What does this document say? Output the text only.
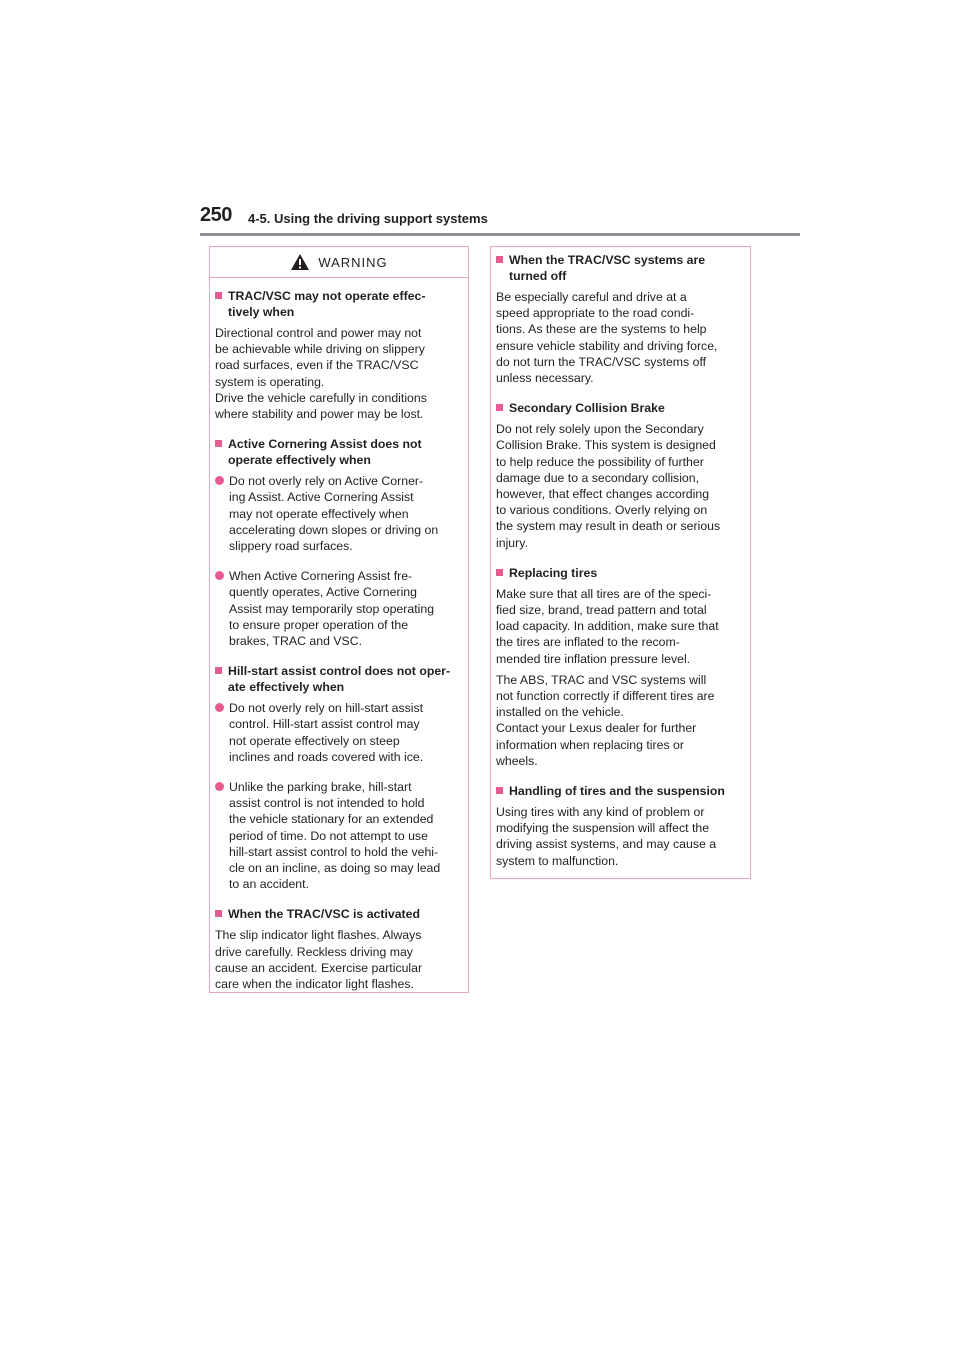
250 4-5. Using the driving support systems
WARNING
TRAC/VSC may not operate effec-
tively when

Directional control and power may not
be achievable while driving on slippery
road surfaces, even if the TRAC/VSC
system is operating.
Drive the vehicle carefully in conditions
where stability and power may be lost.

Active Cornering Assist does not
operate effectively when

Do not overly rely on Active Corner-
ing Assist. Active Cornering Assist
may not operate effectively when
accelerating down slopes or driving on
slippery road surfaces.

When Active Cornering Assist fre-
quently operates, Active Cornering
Assist may temporarily stop operating
to ensure proper operation of the
brakes, TRAC and VSC.

Hill-start assist control does not oper-
ate effectively when

Do not overly rely on hill-start assist
control. Hill-start assist control may
not operate effectively on steep
inclines and roads covered with ice.

Unlike the parking brake, hill-start
assist control is not intended to hold
the vehicle stationary for an extended
period of time. Do not attempt to use
hill-start assist control to hold the vehi-
cle on an incline, as doing so may lead
to an accident.

When the TRAC/VSC is activated

The slip indicator light flashes. Always
drive carefully. Reckless driving may
cause an accident. Exercise particular
care when the indicator light flashes.

When the TRAC/VSC systems are
turned off

Be especially careful and drive at a
speed appropriate to the road condi-
tions. As these are the systems to help
ensure vehicle stability and driving force,
do not turn the TRAC/VSC systems off
unless necessary.

Secondary Collision Brake

Do not rely solely upon the Secondary
Collision Brake. This system is designed
to help reduce the possibility of further
damage due to a secondary collision,
however, that effect changes according
to various conditions. Overly relying on
the system may result in death or serious
injury.

Replacing tires

Make sure that all tires are of the speci-
fied size, brand, tread pattern and total
load capacity. In addition, make sure that
the tires are inflated to the recom-
mended tire inflation pressure level.

The ABS, TRAC and VSC systems will
not function correctly if different tires are
installed on the vehicle.
Contact your Lexus dealer for further
information when replacing tires or
wheels.

Handling of tires and the suspension

Using tires with any kind of problem or
modifying the suspension will affect the
driving assist systems, and may cause a
system to malfunction.
